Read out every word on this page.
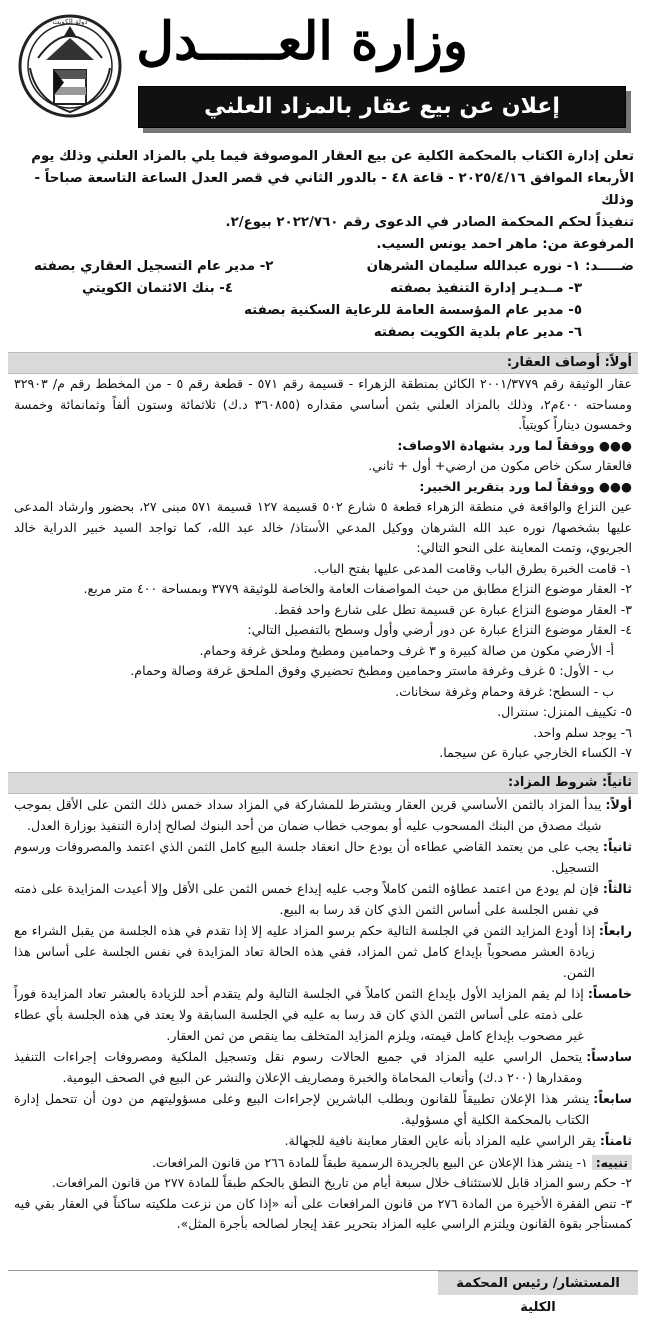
وزارة العـــــدل
دولة الكويت
إعلان عن بيع عقار بالمزاد العلني
تعلن إدارة الكتاب بالمحكمة الكلية عن بيع العقار الموصوفة فيما يلي بالمزاد العلني وذلك يوم
الأربعاء الموافق ٢٠٢٥/٤/١٦ - قاعة ٤٨ - بالدور الثاني في قصر العدل الساعة التاسعة صباحاً - وذلك
تنفيذاً لحكم المحكمة الصادر في الدعوى رقم ٢٠٢٢/٧٦٠ بيوع/٢.
المرفوعة من: ماهر احمد يونس السيب.
ضـــــد: ١- نوره عبدالله سليمان الشرهان
٢- مدير عام التسجيل العقاري بصفته
٣- مــديـر إدارة التنفيذ بصفته
٤- بنك الائتمان الكويتي
٥- مدير عام المؤسسة العامة للرعاية السكنية بصفته
٦- مدير عام بلدية الكويت بصفته
أولاً: أوصاف العقار:
عقار الوثيقة رقم ٢٠٠١/٣٧٧٩ الكائن بمنطقة الزهراء - قسيمة رقم ٥٧١ - قطعة رقم ٥ - من المخطط رقم م/ ٣٢٩٠٣ ومساحته ٤٠٠م٢، وذلك بالمزاد العلني بثمن أساسي مقداره (٣٦٠٨٥٥ د.ك) ثلاثمائة وستون ألفاً وثمانمائة وخمسة وخمسون ديناراً كويتياً.
●●● ووفقاً لما ورد بشهادة الاوصاف:
فالعقار سكن خاص مكون من ارضي+ أول + ثاني.
●●● ووفقاً لما ورد بتقرير الخبير:
عين النزاع والواقعة في منطقة الزهراء قطعة ٥ شارع ٥٠٢ قسيمة ١٢٧ قسيمة ٥٧١ مبنى ٢٧، بحضور وارشاد المدعى عليها بشخصها/ نوره عبد الله الشرهان ووكيل المدعي الأستاذ/ خالد عبد الله، كما تواجد السيد خبير الدراية خالد الجريوي، وتمت المعاينة على النحو التالي:
١- قامت الخبرة بطرق الباب وقامت المدعى عليها بفتح الباب.
٢- العقار موضوع النزاع مطابق من حيث المواصفات العامة والخاصة للوثيقة ٣٧٧٩ وبمساحة ٤٠٠ متر مربع.
٣- العقار موضوع النزاع عبارة عن قسيمة تطل على شارع واحد فقط.
٤- العقار موضوع النزاع عبارة عن دور أرضي وأول وسطح بالتفصيل التالي:
أ- الأرضي مكون من صالة كبيرة و ٣ غرف وحمامين ومطبخ وملحق غرفة وحمام.
ب - الأول: ٥ غرف وغرفة ماستر وحمامين ومطبخ تحضيري وفوق الملحق غرفة وصالة وحمام.
ب - السطح: غرفة وحمام وغرفة سخانات.
٥- تكييف المنزل: سنترال.
٦- يوجد سلم واحد.
٧- الكساء الخارجي عبارة عن سيجما.
ثانياً: شروط المزاد:
أولاً:
يبدأ المزاد بالثمن الأساسي قرين العقار ويشترط للمشاركة في المزاد سداد خمس ذلك الثمن على الأقل بموجب شيك مصدق من البنك المسحوب عليه أو بموجب خطاب ضمان من أحد البنوك لصالح إدارة التنفيذ بوزارة العدل.
ثانياً:
يجب على من يعتمد القاضي عطاءه أن يودع حال انعقاد جلسة البيع كامل الثمن الذي اعتمد والمصروفات ورسوم التسجيل.
ثالثاً:
فإن لم يودع من اعتمد عطاؤه الثمن كاملاً وجب عليه إيداع خمس الثمن على الأقل وإلا أعيدت المزايدة على ذمته في نفس الجلسة على أساس الثمن الذي كان قد رسا به البيع.
رابعاً:
إذا أودع المزايد الثمن في الجلسة التالية حكم برسو المزاد عليه إلا إذا تقدم في هذه الجلسة من يقبل الشراء مع زيادة العشر مصحوباً بإيداع كامل ثمن المزاد، ففي هذه الحالة تعاد المزايدة في نفس الجلسة على أساس هذا الثمن.
خامساً:
إذا لم يقم المزايد الأول بإيداع الثمن كاملاً في الجلسة التالية ولم يتقدم أحد للزيادة بالعشر تعاد المزايدة فوراً على ذمته على أساس الثمن الذي كان قد رسا به عليه في الجلسة السابقة ولا يعتد في هذه الجلسة بأي عطاء غير مصحوب بإيداع كامل قيمته، ويلزم المزايد المتخلف بما ينقص من ثمن العقار.
سادساً:
يتحمل الراسي عليه المزاد في جميع الحالات رسوم نقل وتسجيل الملكية ومصروفات إجراءات التنفيذ ومقدارها (٢٠٠ د.ك) وأتعاب المحاماة والخبرة ومصاريف الإعلان والنشر عن البيع في الصحف اليومية.
سابعاً:
ينشر هذا الإعلان تطبيقاً للقانون وبطلب الباشرين لإجراءات البيع وعلى مسؤوليتهم من دون أن تتحمل إدارة الكتاب بالمحكمة الكلية أي مسؤولية.
ثامناً:
يقر الراسي عليه المزاد بأنه عاين العقار معاينة نافية للجهالة.
تنبيه: ١- ينشر هذا الإعلان عن البيع بالجريدة الرسمية طبقاً للمادة ٢٦٦ من قانون المرافعات.
٢- حكم رسو المزاد قابل للاستئناف خلال سبعة أيام من تاريخ النطق بالحكم طبقاً للمادة ٢٧٧ من قانون المرافعات.
٣- تنص الفقرة الأخيرة من المادة ٢٧٦ من قانون المرافعات على أنه «إذا كان من نزعت ملكيته ساكناً في العقار بقي فيه كمستأجر بقوة القانون ويلتزم الراسي عليه المزاد بتحرير عقد إيجار لصالحه بأجرة المثل».
المستشار/ رئيس المحكمة الكلية
